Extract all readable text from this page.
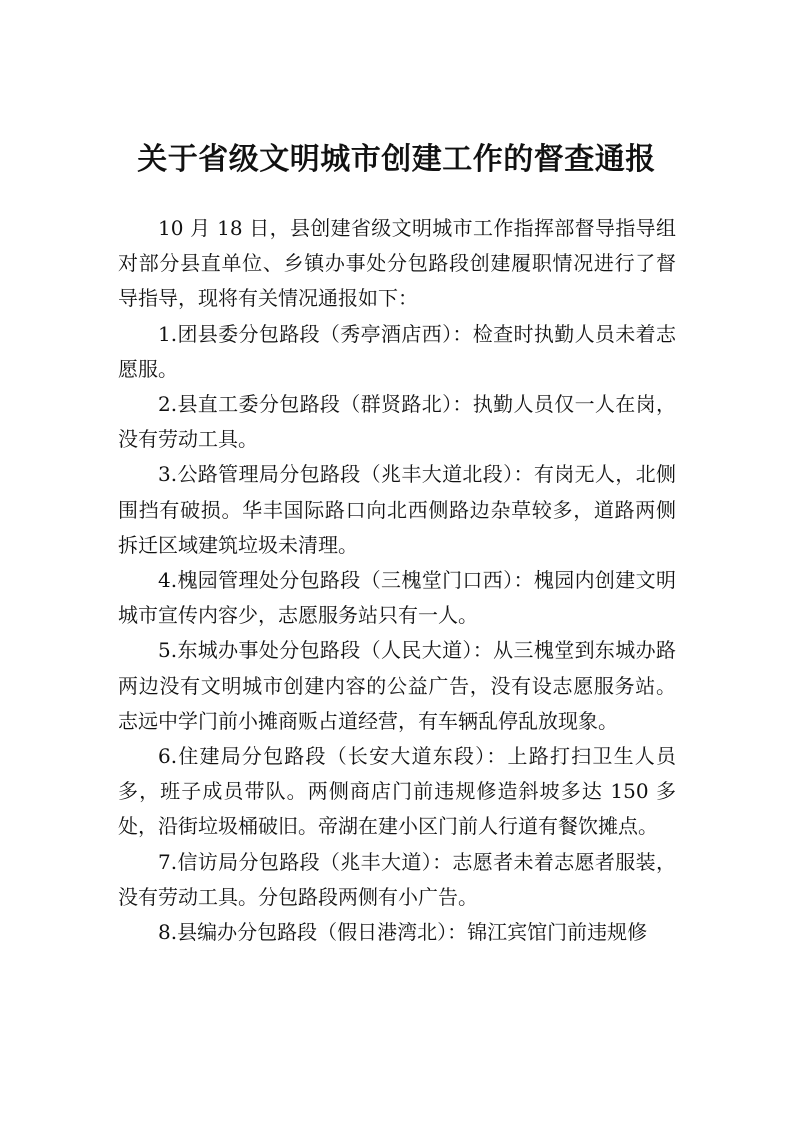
关于省级文明城市创建工作的督查通报

10 月 18 日，县创建省级文明城市工作指挥部督导指导组对部分县直单位、乡镇办事处分包路段创建履职情况进行了督导指导，现将有关情况通报如下：

1.团县委分包路段（秀亭酒店西）：检查时执勤人员未着志愿服。

2.县直工委分包路段（群贤路北）：执勤人员仅一人在岗，没有劳动工具。

3.公路管理局分包路段（兆丰大道北段）：有岗无人，北侧围挡有破损。华丰国际路口向北西侧路边杂草较多，道路两侧拆迁区域建筑垃圾未清理。

4.槐园管理处分包路段（三槐堂门口西）：槐园内创建文明城市宣传内容少，志愿服务站只有一人。

5.东城办事处分包路段（人民大道）：从三槐堂到东城办路两边没有文明城市创建内容的公益广告，没有设志愿服务站。志远中学门前小摊商贩占道经营，有车辆乱停乱放现象。

6.住建局分包路段（长安大道东段）：上路打扫卫生人员多，班子成员带队。两侧商店门前违规修造斜坡多达 150 多处，沿街垃圾桶破旧。帝湖在建小区门前人行道有餐饮摊点。

7.信访局分包路段（兆丰大道）：志愿者未着志愿者服装，没有劳动工具。分包路段两侧有小广告。

8.县编办分包路段（假日港湾北）：锦江宾馆门前违规修
